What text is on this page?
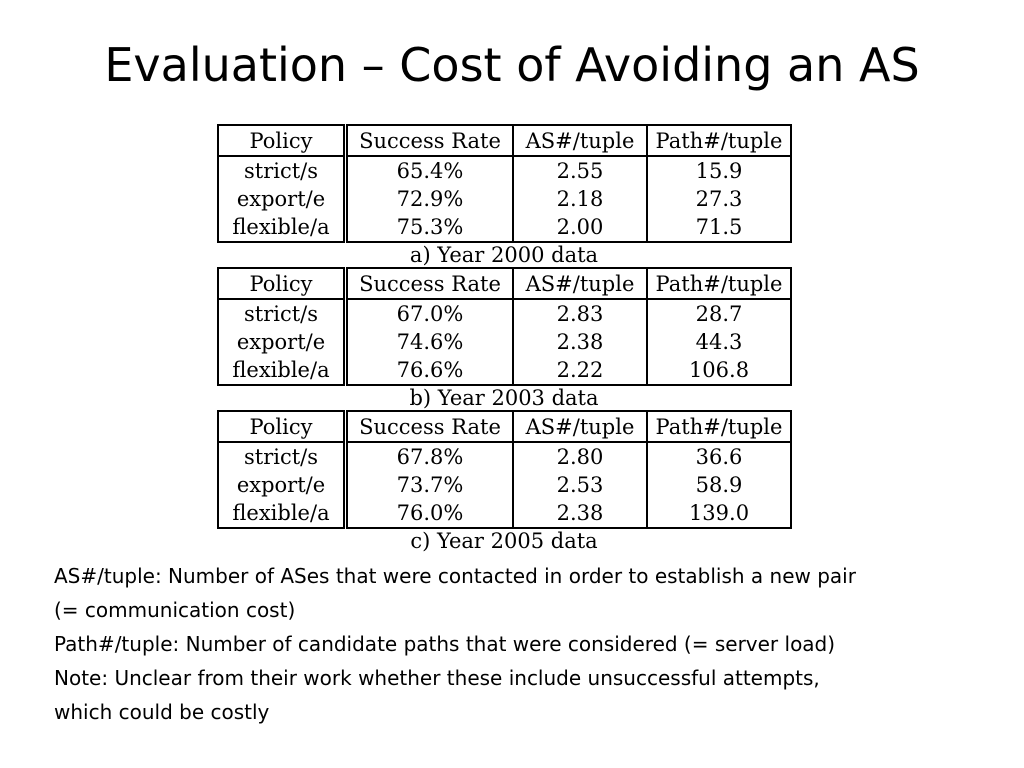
Evaluation – Cost of Avoiding an AS
Policy	Success Rate	AS#/tuple	Path#/tuple
strict/s	65.4%	2.55	15.9
export/e	72.9%	2.18	27.3
flexible/a	75.3%	2.00	71.5
a) Year 2000 data
Policy	Success Rate	AS#/tuple	Path#/tuple
strict/s	67.0%	2.83	28.7
export/e	74.6%	2.38	44.3
flexible/a	76.6%	2.22	106.8
b) Year 2003 data
Policy	Success Rate	AS#/tuple	Path#/tuple
strict/s	67.8%	2.80	36.6
export/e	73.7%	2.53	58.9
flexible/a	76.0%	2.38	139.0
c) Year 2005 data
AS#/tuple: Number of ASes that were contacted in order to establish a new pair
(= communication cost)
Path#/tuple: Number of candidate paths that were considered (= server load)
Note: Unclear from their work whether these include unsuccessful attempts,
which could be costly
